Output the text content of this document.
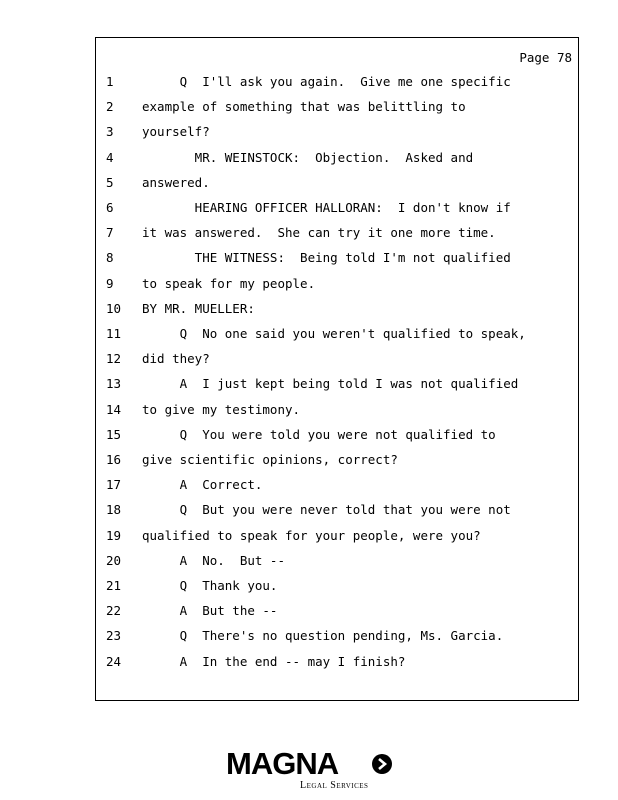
Page 78
1	Q  I'll ask you again.  Give me one specific
2	example of something that was belittling to
3	yourself?
4	MR. WEINSTOCK:  Objection.  Asked and
5	answered.
6	HEARING OFFICER HALLORAN:  I don't know if
7	it was answered.  She can try it one more time.
8	THE WITNESS:  Being told I'm not qualified
9	to speak for my people.
10	BY MR. MUELLER:
11	Q  No one said you weren't qualified to speak,
12	did they?
13	A  I just kept being told I was not qualified
14	to give my testimony.
15	Q  You were told you were not qualified to
16	give scientific opinions, correct?
17	A  Correct.
18	Q  But you were never told that you were not
19	qualified to speak for your people, were you?
20	A  No.  But --
21	Q  Thank you.
22	A  But the --
23	Q  There's no question pending, Ms. Garcia.
24	A  In the end -- may I finish?
MAGNA
Legal Services
